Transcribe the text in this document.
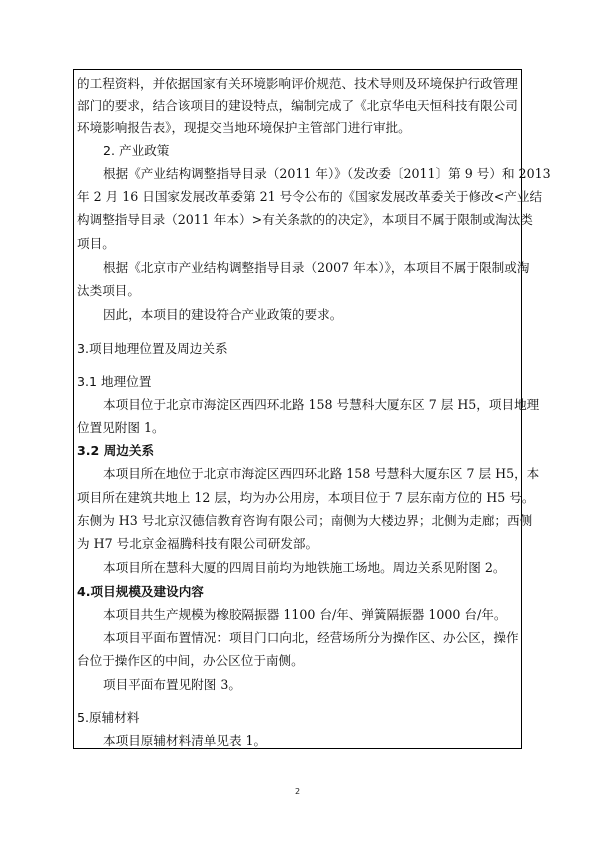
的工程资料，并依据国家有关环境影响评价规范、技术导则及环境保护行政管理
部门的要求，结合该项目的建设特点，编制完成了《北京华电天恒科技有限公司
环境影响报告表》，现提交当地环境保护主管部门进行审批。
2. 产业政策
根据《产业结构调整指导目录（2011 年）》（发改委〔2011〕第 9 号）和 2013
年 2 月 16 日国家发展改革委第 21 号令公布的《国家发展改革委关于修改<产业结
构调整指导目录（2011 年本）>有关条款的的决定》，本项目不属于限制或淘汰类
项目。
根据《北京市产业结构调整指导目录（2007 年本）》，本项目不属于限制或淘
汰类项目。
因此，本项目的建设符合产业政策的要求。
3.项目地理位置及周边关系
3.1 地理位置
本项目位于北京市海淀区西四环北路 158 号慧科大厦东区 7 层 H5，项目地理
位置见附图 1。
3.2 周边关系
本项目所在地位于北京市海淀区西四环北路 158 号慧科大厦东区 7 层 H5，本
项目所在建筑共地上 12 层，均为办公用房，本项目位于 7 层东南方位的 H5 号。
东侧为 H3 号北京汉德信教育咨询有限公司；南侧为大楼边界；北侧为走廊；西侧
为 H7 号北京金福腾科技有限公司研发部。
本项目所在慧科大厦的四周目前均为地铁施工场地。周边关系见附图 2。
4.项目规模及建设内容
本项目共生产规模为橡胶隔振器 1100 台/年、弹簧隔振器 1000 台/年。
本项目平面布置情况：项目门口向北，经营场所分为操作区、办公区，操作
台位于操作区的中间，办公区位于南侧。
项目平面布置见附图 3。
5.原辅材料
本项目原辅材料清单见表 1。
2
